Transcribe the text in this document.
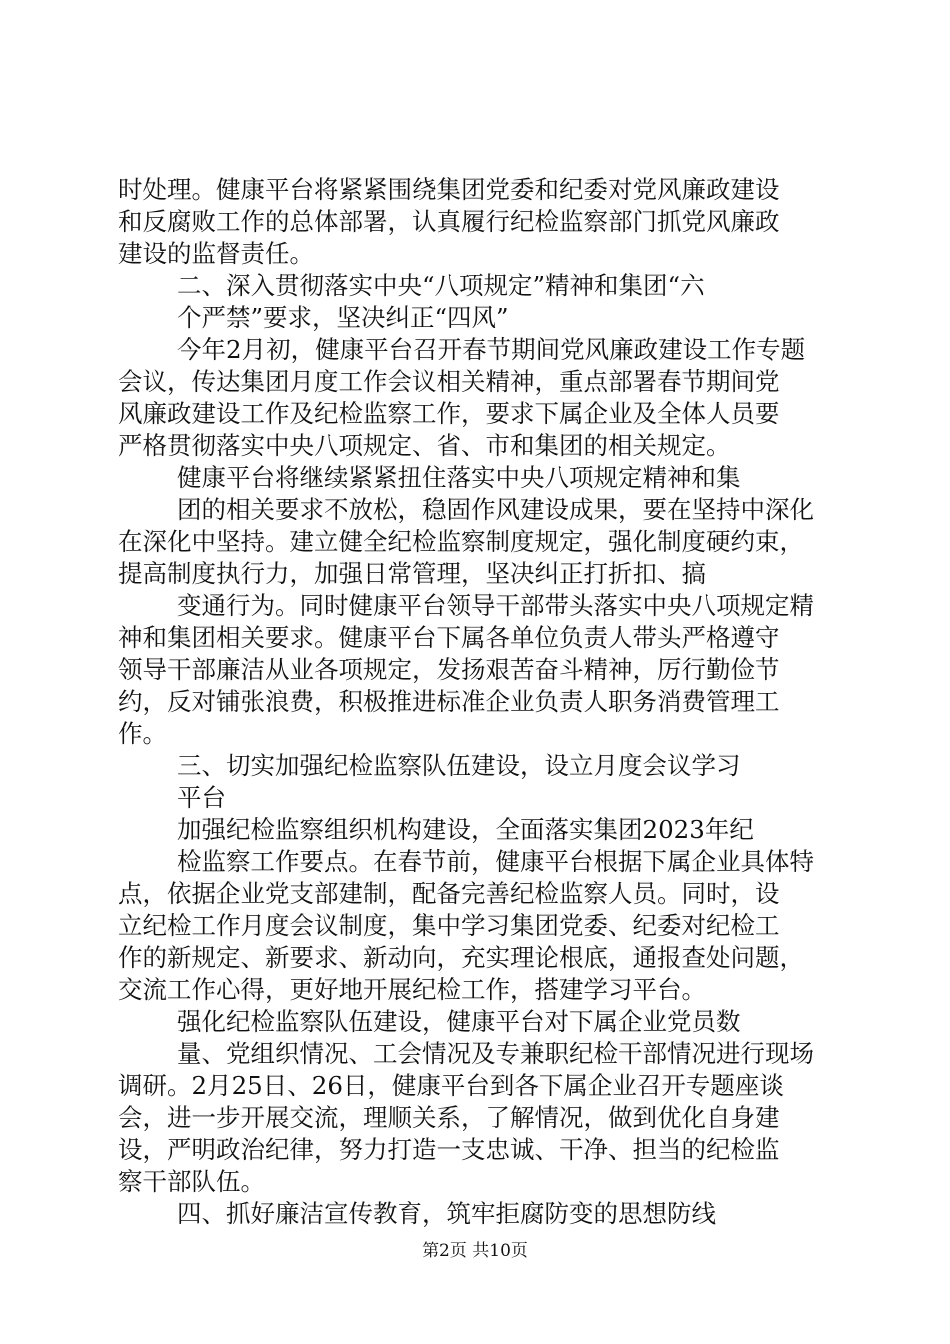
时处理。健康平台将紧紧围绕集团党委和纪委对党风廉政建设
和反腐败工作的总体部署，认真履行纪检监察部门抓党风廉政
建设的监督责任。
二、深入贯彻落实中央“八项规定”精神和集团“六
个严禁”要求，坚决纠正“四风”
今年2月初，健康平台召开春节期间党风廉政建设工作专题
会议，传达集团月度工作会议相关精神，重点部署春节期间党
风廉政建设工作及纪检监察工作，要求下属企业及全体人员要
严格贯彻落实中央八项规定、省、市和集团的相关规定。
健康平台将继续紧紧扭住落实中央八项规定精神和集
团的相关要求不放松，稳固作风建设成果，要在坚持中深化
在深化中坚持。建立健全纪检监察制度规定，强化制度硬约束，
提高制度执行力，加强日常管理，坚决纠正打折扣、搞
变通行为。同时健康平台领导干部带头落实中央八项规定精
神和集团相关要求。健康平台下属各单位负责人带头严格遵守
领导干部廉洁从业各项规定，发扬艰苦奋斗精神，厉行勤俭节
约，反对铺张浪费，积极推进标准企业负责人职务消费管理工
作。
三、切实加强纪检监察队伍建设，设立月度会议学习
平台
加强纪检监察组织机构建设，全面落实集团2023年纪
检监察工作要点。在春节前，健康平台根据下属企业具体特
点，依据企业党支部建制，配备完善纪检监察人员。同时，设
立纪检工作月度会议制度，集中学习集团党委、纪委对纪检工
作的新规定、新要求、新动向，充实理论根底，通报查处问题，
交流工作心得，更好地开展纪检工作，搭建学习平台。
强化纪检监察队伍建设，健康平台对下属企业党员数
量、党组织情况、工会情况及专兼职纪检干部情况进行现场
调研。2月25日、26日，健康平台到各下属企业召开专题座谈
会，进一步开展交流，理顺关系，了解情况，做到优化自身建
设，严明政治纪律，努力打造一支忠诚、干净、担当的纪检监
察干部队伍。
四、抓好廉洁宣传教育，筑牢拒腐防变的思想防线
第2页 共10页
